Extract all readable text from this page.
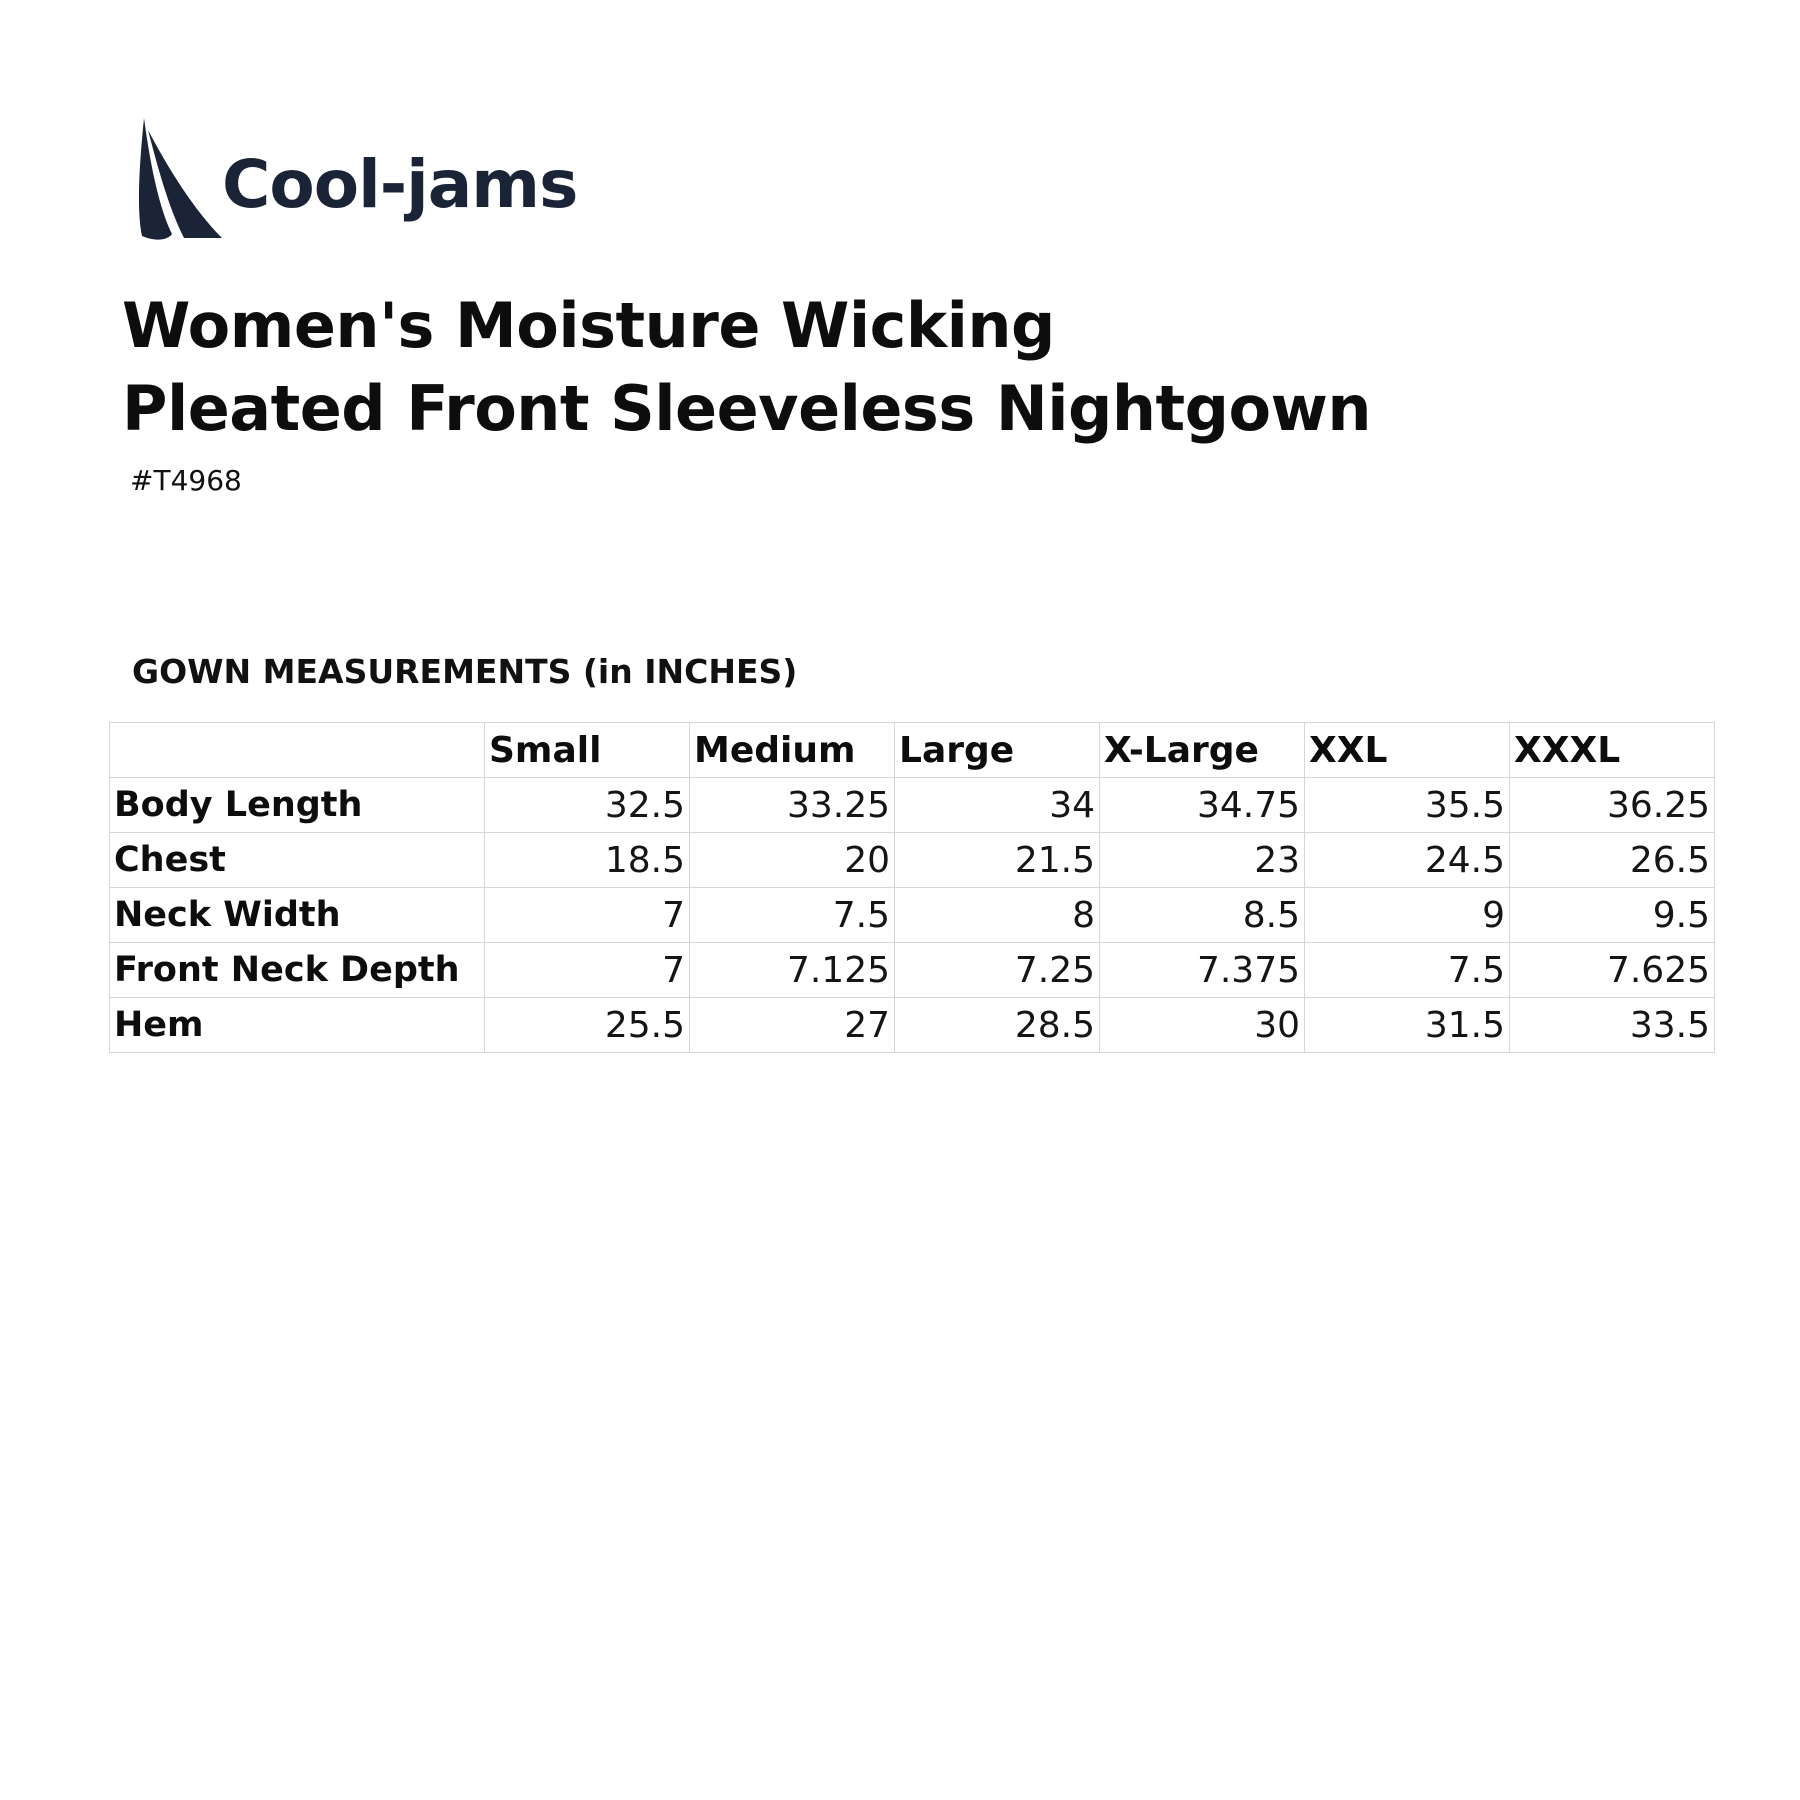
Cool-jams
Women's Moisture Wicking
Pleated Front Sleeveless Nightgown
#T4968
GOWN MEASUREMENTS (in INCHES)
	Small	Medium	Large	X-Large	XXL	XXXL
Body Length	32.5	33.25	34	34.75	35.5	36.25
Chest	18.5	20	21.5	23	24.5	26.5
Neck Width	7	7.5	8	8.5	9	9.5
Front Neck Depth	7	7.125	7.25	7.375	7.5	7.625
Hem	25.5	27	28.5	30	31.5	33.5
